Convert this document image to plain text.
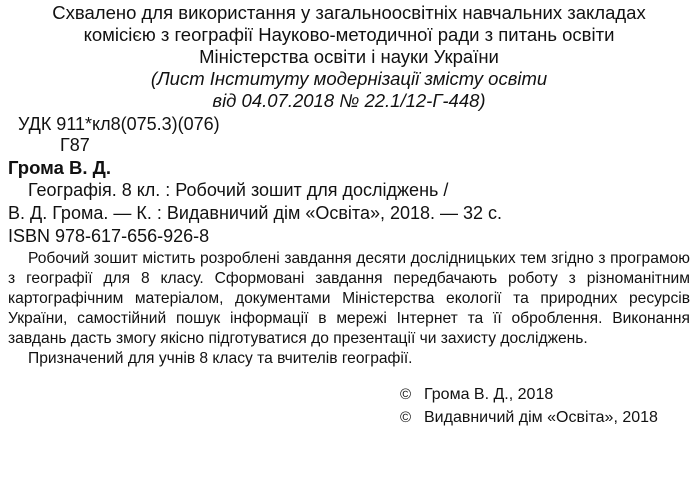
Схвалено для використання у загальноосвітніх навчальних закладах
комісією з географії Науково-методичної ради з питань освіти
Міністерства освіти і науки України
(Лист Інституту модернізації змісту освіти
від 04.07.2018 № 22.1/12-Г-448)
УДК 911*кл8(075.3)(076)
Г87
Грома В. Д.
Географія. 8 кл. : Робочий зошит для досліджень /
В. Д. Грома. — К. : Видавничий дім «Освіта», 2018. — 32 с.
ISBN 978-617-656-926-8

Робочий зошит містить розроблені завдання десяти дослідницьких тем згідно з програмою з географії для 8 класу. Сформовані завдання передбачають роботу з різноманітним картографічним матеріалом, документами Міністерства екології та природних ресурсів України, самостійний пошук інформації в мережі Інтернет та її оброблення. Виконання завдань дасть змогу якісно підготуватися до презентації чи захисту досліджень.

Призначений для учнів 8 класу та вчителів географії.

© Грома В. Д., 2018
© Видавничий дім «Освіта», 2018
